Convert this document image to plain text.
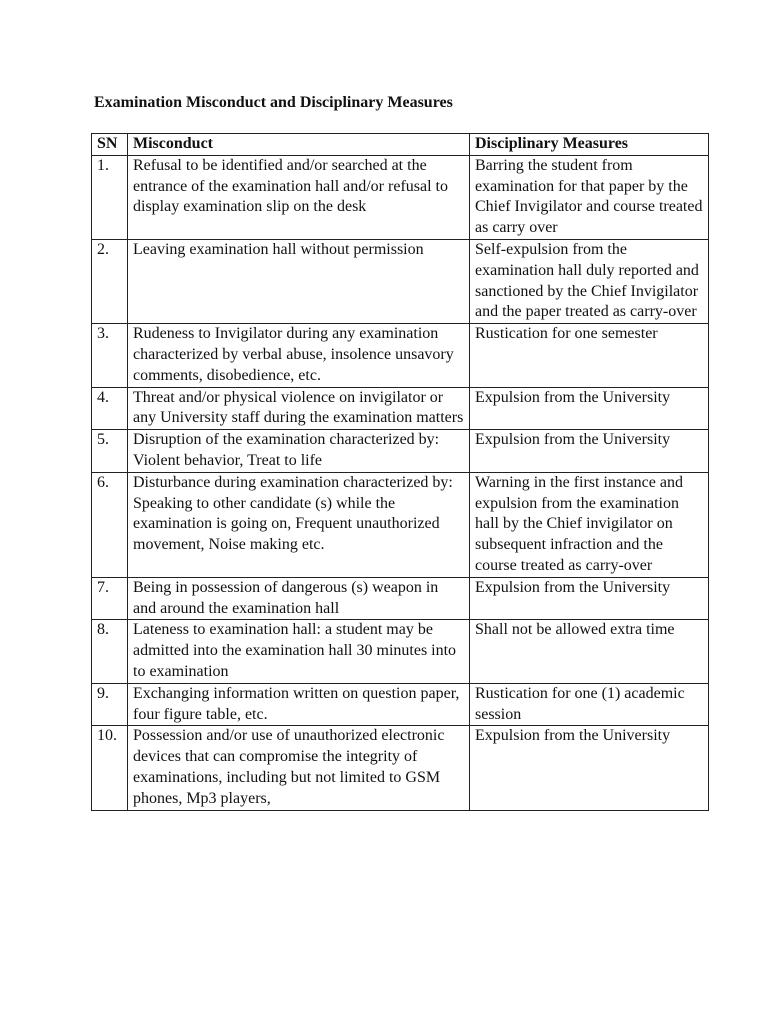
Examination Misconduct and Disciplinary Measures
SN	Misconduct	Disciplinary Measures
1.	Refusal to be identified and/or searched at the entrance of the examination hall and/or refusal to display examination slip on the desk	Barring the student from examination for that paper by the Chief Invigilator and course treated as carry over
2.	Leaving examination hall without permission	Self-expulsion from the examination hall duly reported and sanctioned by the Chief Invigilator and the paper treated as carry-over
3.	Rudeness to Invigilator during any examination characterized by verbal abuse, insolence unsavory comments, disobedience, etc.	Rustication for one semester
4.	Threat and/or physical violence on invigilator or any University staff during the examination matters	Expulsion from the University
5.	Disruption of the examination characterized by: Violent behavior, Treat to life	Expulsion from the University
6.	Disturbance during examination characterized by: Speaking to other candidate (s) while the examination is going on, Frequent unauthorized movement, Noise making etc.	Warning in the first instance and expulsion from the examination hall by the Chief invigilator on subsequent infraction and the course treated as carry-over
7.	Being in possession of dangerous (s) weapon in and around the examination hall	Expulsion from the University
8.	Lateness to examination hall: a student may be admitted into the examination hall 30 minutes into to examination	Shall not be allowed extra time
9.	Exchanging information written on question paper, four figure table, etc.	Rustication for one (1) academic session
10.	Possession and/or use of unauthorized electronic devices that can compromise the integrity of examinations, including but not limited to GSM phones, Mp3 players,	Expulsion from the University
